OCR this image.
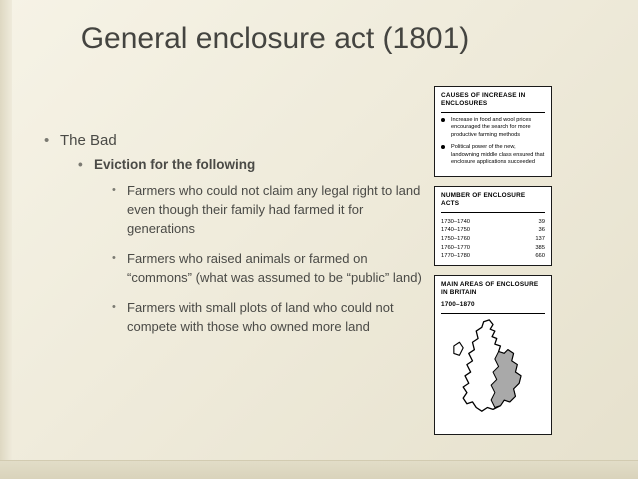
General enclosure act (1801)
• The Bad
• Eviction for the following
• Farmers who could not claim any legal right to land even though their family had farmed it for generations
• Farmers who raised animals or farmed on “commons” (what was assumed to be “public” land)
• Farmers with small plots of land who could not compete with those who owned more land
CAUSES OF INCREASE IN ENCLOSURES
Increase in food and wool prices encouraged the search for more productive farming methods
Political power of the new, landowning middle class ensured that enclosure applications succeeded
NUMBER OF ENCLOSURE ACTS
1730–1740	39
1740–1750	36
1750–1760	137
1760–1770	385
1770–1780	660
MAIN AREAS OF ENCLOSURE IN BRITAIN
1700–1870
